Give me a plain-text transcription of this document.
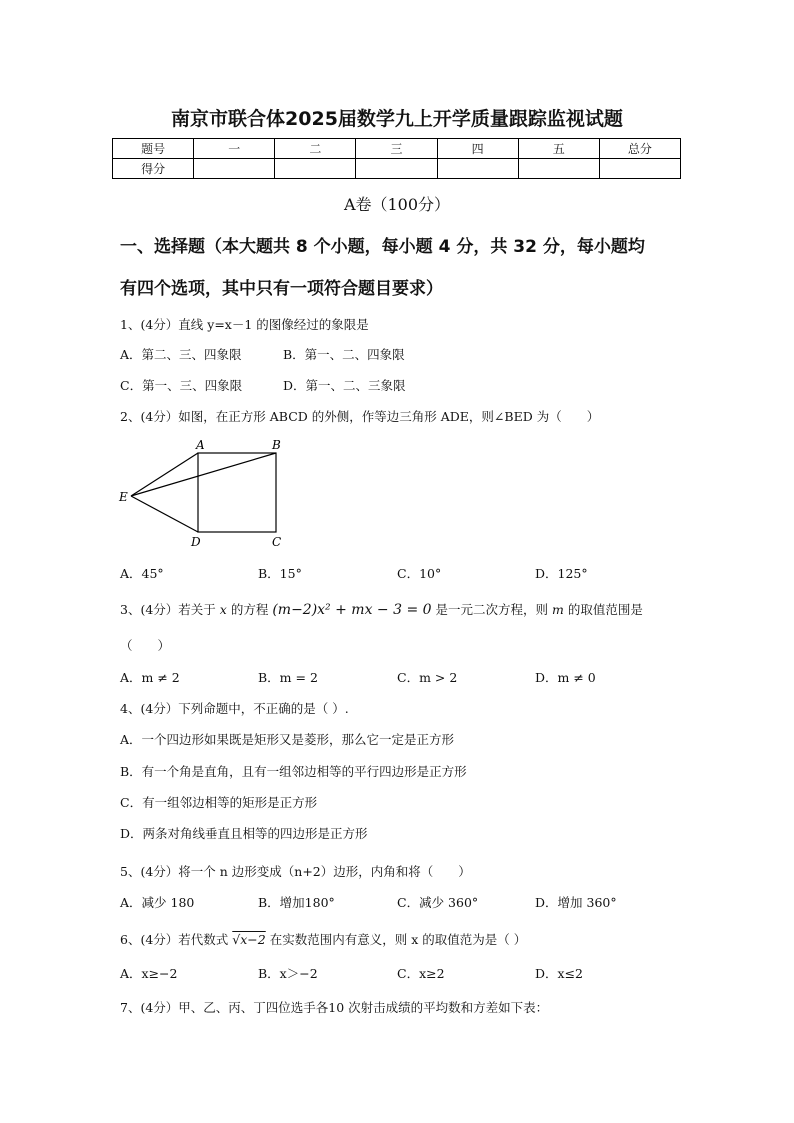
南京市联合体2025届数学九上开学质量跟踪监视试题
题号	一	二	三	四	五	总分
得分						
A卷（100分）
一、选择题（本大题共 8 个小题，每小题 4 分，共 32 分，每小题均
有四个选项，其中只有一项符合题目要求）
1、(4分）直线 y=x－1 的图像经过的象限是
A．第二、三、四象限	B．第一、二、四象限
C．第一、三、四象限	D．第一、二、三象限
2、(4分）如图，在正方形 ABCD 的外侧，作等边三角形 ADE，则∠BED 为（　　）
A	B
C
D
E
A．45°	B．15°	C．10°	D．125°
3、(4分）若关于 x 的方程 (m−2)x² + mx − 3 = 0 是一元二次方程，则 m 的取值范围是
（　　）
A．m ≠ 2	B．m = 2	C．m > 2	D．m ≠ 0
4、(4分）下列命题中，不正确的是（ ）.
A．一个四边形如果既是矩形又是菱形，那么它一定是正方形
B．有一个角是直角，且有一组邻边相等的平行四边形是正方形
C．有一组邻边相等的矩形是正方形
D．两条对角线垂直且相等的四边形是正方形
5、(4分）将一个 n 边形变成（n+2）边形，内角和将（　　）
A．减少 180	B．增加180°	C．减少 360°	D．增加 360°
6、(4分）若代数式 √x−2 在实数范围内有意义，则 x 的取值范为是（ ）
A．x≥−2	B．x＞−2	C．x≥2	D．x≤2
7、(4分）甲、乙、丙、丁四位选手各10 次射击成绩的平均数和方差如下表：
